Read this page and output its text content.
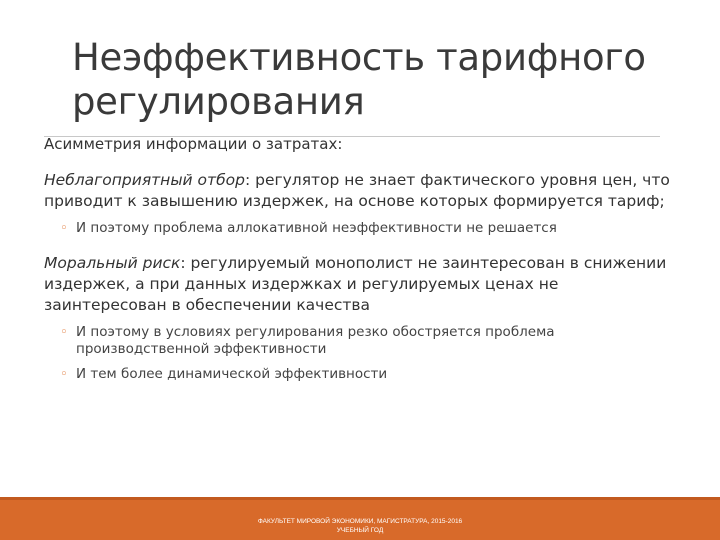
Неэффективность тарифного
регулирования
Асимметрия информации о затратах:
Неблагоприятный отбор: регулятор не знает фактического уровня цен, что приводит к завышению издержек, на основе которых формируется тариф;
◦ И поэтому проблема аллокативной неэффективности не решается
Моральный риск: регулируемый монополист не заинтересован в снижении издержек, а при данных издержках и регулируемых ценах не заинтересован в обеспечении качества
◦ И поэтому в условиях регулирования резко обостряется проблема производственной эффективности
◦ И тем более динамической эффективности
ФАКУЛЬТЕТ МИРОВОЙ ЭКОНОМИКИ, МАГИСТРАТУРА, 2015-2016
УЧЕБНЫЙ ГОД
